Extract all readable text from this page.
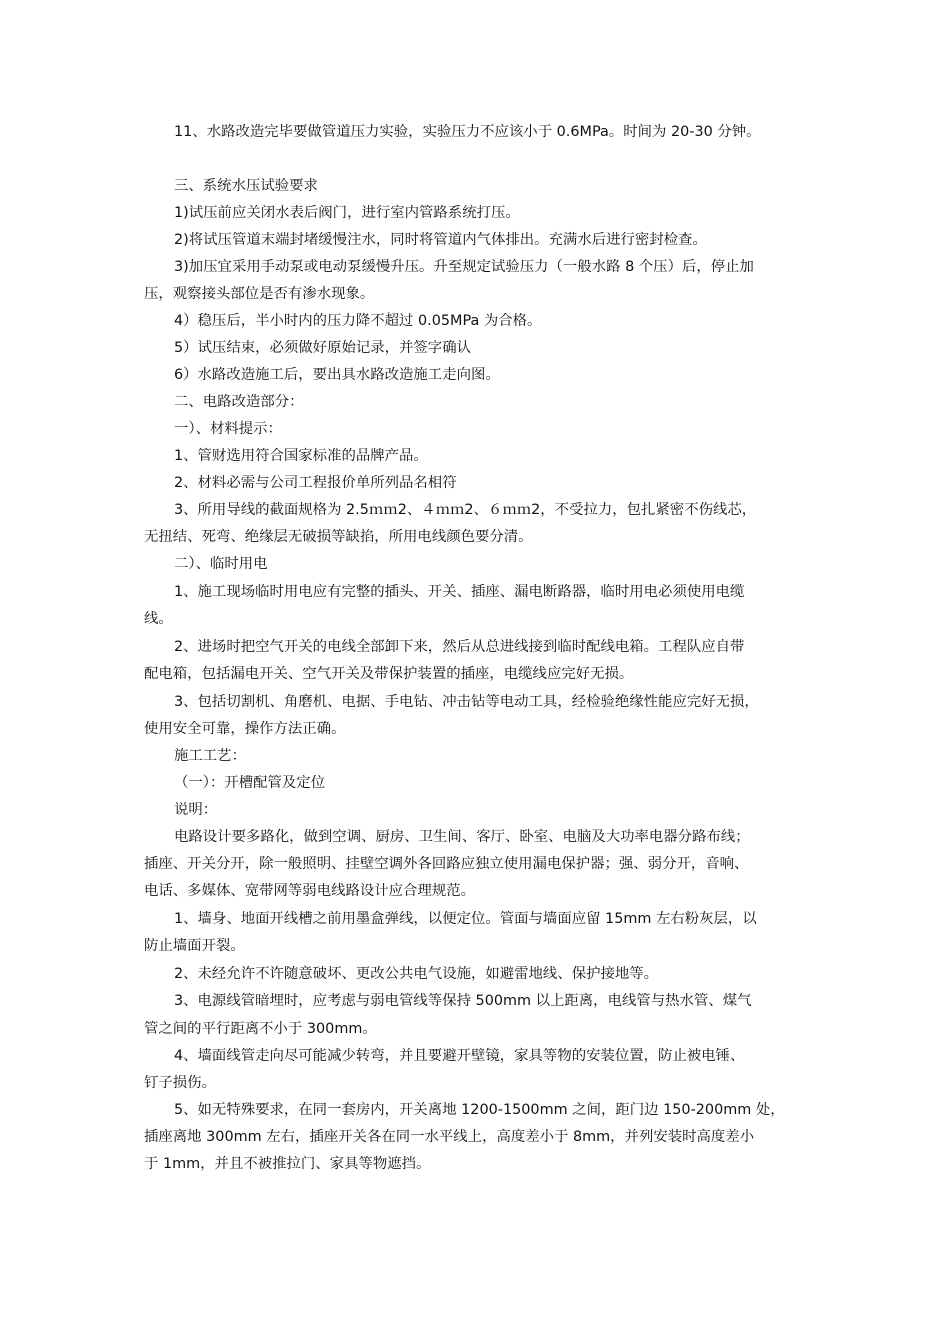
11、水路改造完毕要做管道压力实验，实验压力不应该小于 0.6MPa。时间为 20-30 分钟。
三、系统水压试验要求
1)试压前应关闭水表后阀门，进行室内管路系统打压。
2)将试压管道末端封堵缓慢注水，同时将管道内气体排出。充满水后进行密封检查。
3)加压宜采用手动泵或电动泵缓慢升压。升至规定试验压力（一般水路 8 个压）后，停止加
压，观察接头部位是否有渗水现象。
4）稳压后，半小时内的压力降不超过 0.05MPa 为合格。
5）试压结束，必须做好原始记录，并签字确认
6）水路改造施工后，要出具水路改造施工走向图。
二、电路改造部分：
一）、材料提示：
1、管财选用符合国家标准的品牌产品。
2、材料必需与公司工程报价单所列品名相符
3、所用导线的截面规格为 2.5ｍｍ2、４ｍｍ2、６ｍｍ2，不受拉力，包扎紧密不伤线芯，
无扭结、死弯、绝缘层无破损等缺掐，所用电线颜色要分清。
二）、临时用电
1、施工现场临时用电应有完整的插头、开关、插座、漏电断路器，临时用电必须使用电缆
线。
2、进场时把空气开关的电线全部卸下来，然后从总进线接到临时配线电箱。工程队应自带
配电箱，包括漏电开关、空气开关及带保护装置的插座，电缆线应完好无损。
3、包括切割机、角磨机、电据、手电钻、冲击钻等电动工具，经检验绝缘性能应完好无损，
使用安全可靠，操作方法正确。
施工工艺：
（一）：开槽配管及定位
说明：
电路设计要多路化，做到空调、厨房、卫生间、客厅、卧室、电脑及大功率电器分路布线；
插座、开关分开，除一般照明、挂壁空调外各回路应独立使用漏电保护器；强、弱分开，音响、
电话、多媒体、宽带网等弱电线路设计应合理规范。
1、墙身、地面开线槽之前用墨盒弹线，以便定位。管面与墙面应留 15mm 左右粉灰层，以
防止墙面开裂。
2、未经允许不许随意破坏、更改公共电气设施，如避雷地线、保护接地等。
3、电源线管暗埋时，应考虑与弱电管线等保持 500mm 以上距离，电线管与热水管、煤气
管之间的平行距离不小于 300mm。
4、墙面线管走向尽可能减少转弯，并且要避开壁镜，家具等物的安装位置，防止被电锤、
钉子损伤。
5、如无特殊要求，在同一套房内，开关离地 1200-1500mm 之间，距门边 150-200mm 处，
插座离地 300mm 左右，插座开关各在同一水平线上，高度差小于 8mm，并列安装时高度差小
于 1mm，并且不被推拉门、家具等物遮挡。
